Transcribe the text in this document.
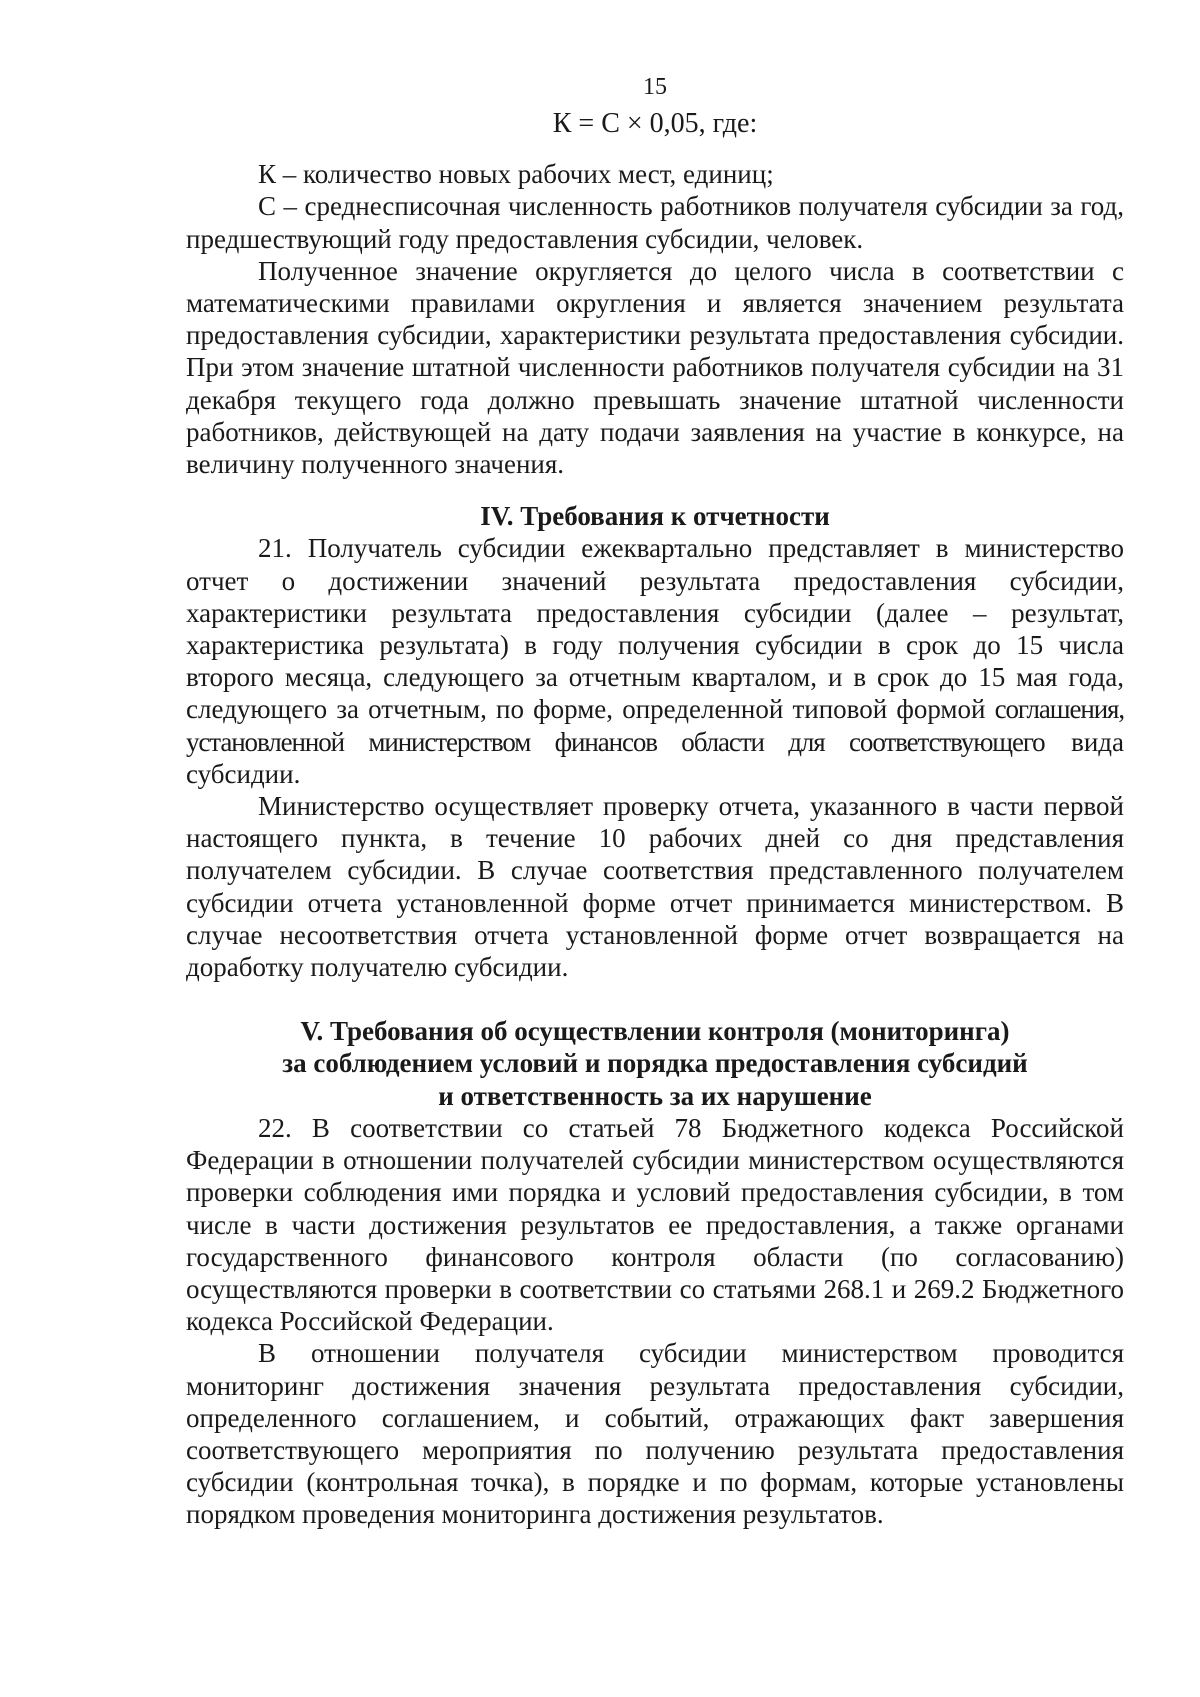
15
К = С × 0,05, где:

К – количество новых рабочих мест, единиц;

С – среднесписочная численность работников получателя субсидии за год, предшествующий году предоставления субсидии, человек.

Полученное значение округляется до целого числа в соответствии с математическими правилами округления и является значением результата предоставления субсидии, характеристики результата предоставления субсидии. При этом значение штатной численности работников получателя субсидии на 31 декабря текущего года должно превышать значение штатной численности работников, действующей на дату подачи заявления на участие в конкурсе, на величину полученного значения.

IV. Требования к отчетности

21. Получатель субсидии ежеквартально представляет в министерство отчет о достижении значений результата предоставления субсидии, характеристики результата предоставления субсидии (далее – результат, характеристика результата) в году получения субсидии в срок до 15 числа второго месяца, следующего за отчетным кварталом, и в срок до 15 мая года, следующего за отчетным, по форме, определенной типовой формой соглашения, установленной министерством финансов области для соответствующего вида субсидии.

Министерство осуществляет проверку отчета, указанного в части первой настоящего пункта, в течение 10 рабочих дней со дня представления получателем субсидии. В случае соответствия представленного получателем субсидии отчета установленной форме отчет принимается министерством. В случае несоответствия отчета установленной форме отчет возвращается на доработку получателю субсидии.

V. Требования об осуществлении контроля (мониторинга)
за соблюдением условий и порядка предоставления субсидий
и ответственность за их нарушение

22. В соответствии со статьей 78 Бюджетного кодекса Российской Федерации в отношении получателей субсидии министерством осуществляются проверки соблюдения ими порядка и условий предоставления субсидии, в том числе в части достижения результатов ее предоставления, а также органами государственного финансового контроля области (по согласованию) осуществляются проверки в соответствии со статьями 268.1 и 269.2 Бюджетного кодекса Российской Федерации.

В отношении получателя субсидии министерством проводится мониторинг достижения значения результата предоставления субсидии, определенного соглашением, и событий, отражающих факт завершения соответствующего мероприятия по получению результата предоставления субсидии (контрольная точка), в порядке и по формам, которые установлены порядком проведения мониторинга достижения результатов.
